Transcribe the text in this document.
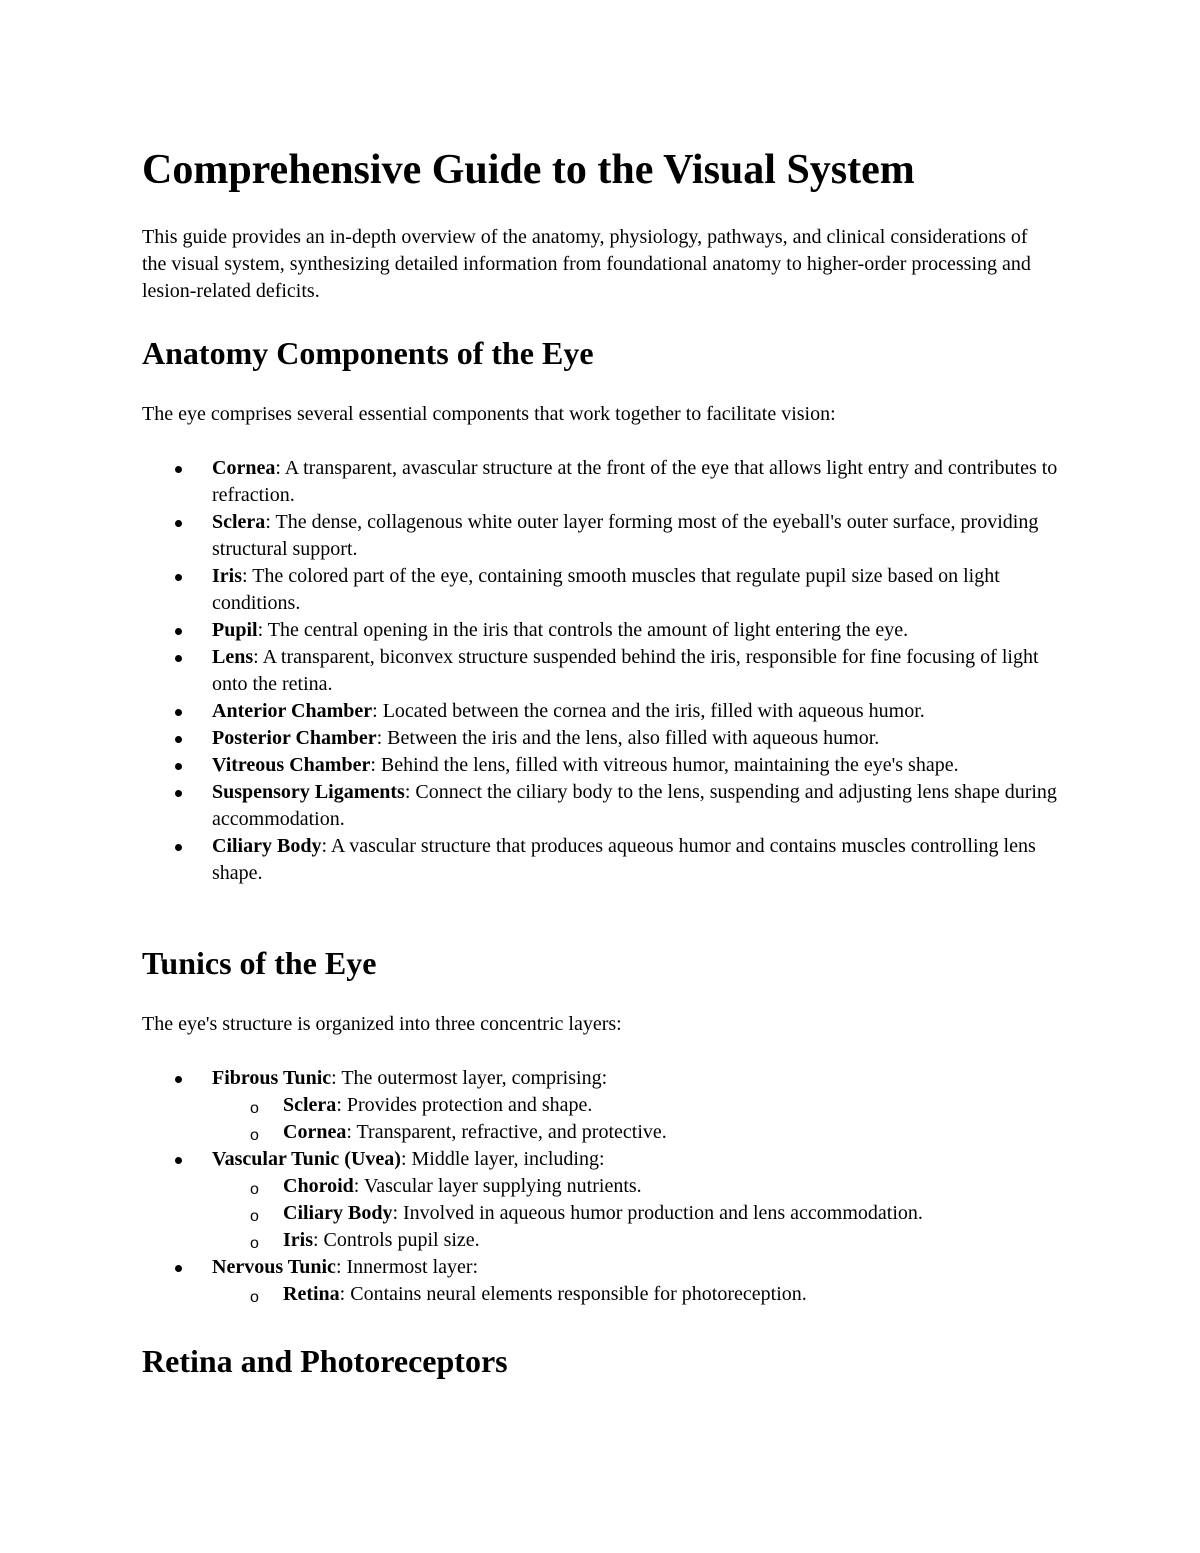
Comprehensive Guide to the Visual System

This guide provides an in-depth overview of the anatomy, physiology, pathways, and clinical considerations of the visual system, synthesizing detailed information from foundational anatomy to higher-order processing and lesion-related deficits.

Anatomy Components of the Eye

The eye comprises several essential components that work together to facilitate vision:

Cornea: A transparent, avascular structure at the front of the eye that allows light entry and contributes to refraction.
Sclera: The dense, collagenous white outer layer forming most of the eyeball's outer surface, providing structural support.
Iris: The colored part of the eye, containing smooth muscles that regulate pupil size based on light conditions.
Pupil: The central opening in the iris that controls the amount of light entering the eye.
Lens: A transparent, biconvex structure suspended behind the iris, responsible for fine focusing of light onto the retina.
Anterior Chamber: Located between the cornea and the iris, filled with aqueous humor.
Posterior Chamber: Between the iris and the lens, also filled with aqueous humor.
Vitreous Chamber: Behind the lens, filled with vitreous humor, maintaining the eye's shape.
Suspensory Ligaments: Connect the ciliary body to the lens, suspending and adjusting lens shape during accommodation.
Ciliary Body: A vascular structure that produces aqueous humor and contains muscles controlling lens shape.
Tunics of the Eye

The eye's structure is organized into three concentric layers:

Fibrous Tunic: The outermost layer, comprising:
o Sclera: Provides protection and shape.
o Cornea: Transparent, refractive, and protective.
Vascular Tunic (Uvea): Middle layer, including:
o Choroid: Vascular layer supplying nutrients.
o Ciliary Body: Involved in aqueous humor production and lens accommodation.
o Iris: Controls pupil size.
Nervous Tunic: Innermost layer:
o Retina: Contains neural elements responsible for photoreception.
Retina and Photoreceptors
